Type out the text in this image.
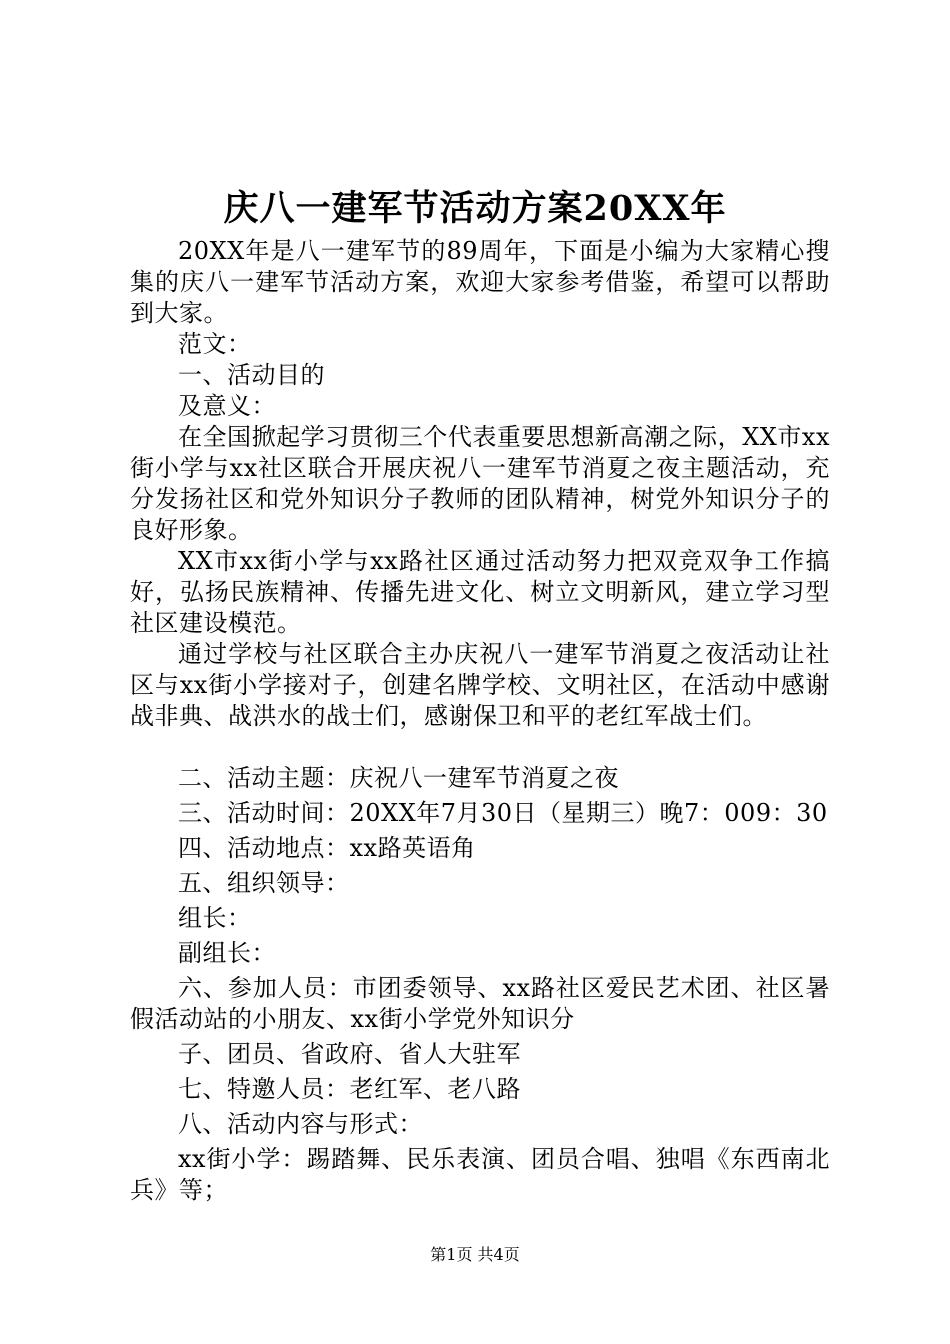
庆八一建军节活动方案20XX年

20XX年是八一建军节的89周年，下面是小编为大家精心搜集的庆八一建军节活动方案，欢迎大家参考借鉴，希望可以帮助到大家。

范文：

一、活动目的

及意义：

在全国掀起学习贯彻三个代表重要思想新高潮之际，XX市xx街小学与xx社区联合开展庆祝八一建军节消夏之夜主题活动，充分发扬社区和党外知识分子教师的团队精神，树党外知识分子的良好形象。

XX市xx街小学与xx路社区通过活动努力把双竞双争工作搞好，弘扬民族精神、传播先进文化、树立文明新风，建立学习型社区建设模范。

通过学校与社区联合主办庆祝八一建军节消夏之夜活动让社区与xx街小学接对子，创建名牌学校、文明社区，在活动中感谢战非典、战洪水的战士们，感谢保卫和平的老红军战士们。

二、活动主题：庆祝八一建军节消夏之夜

三、活动时间：20XX年7月30日（星期三）晚7：009：30

四、活动地点：xx路英语角

五、组织领导：

组长：

副组长：

六、参加人员：市团委领导、xx路社区爱民艺术团、社区暑假活动站的小朋友、xx街小学党外知识分

子、团员、省政府、省人大驻军

七、特邀人员：老红军、老八路

八、活动内容与形式：

xx街小学：踢踏舞、民乐表演、团员合唱、独唱《东西南北兵》等；

第1页 共4页
